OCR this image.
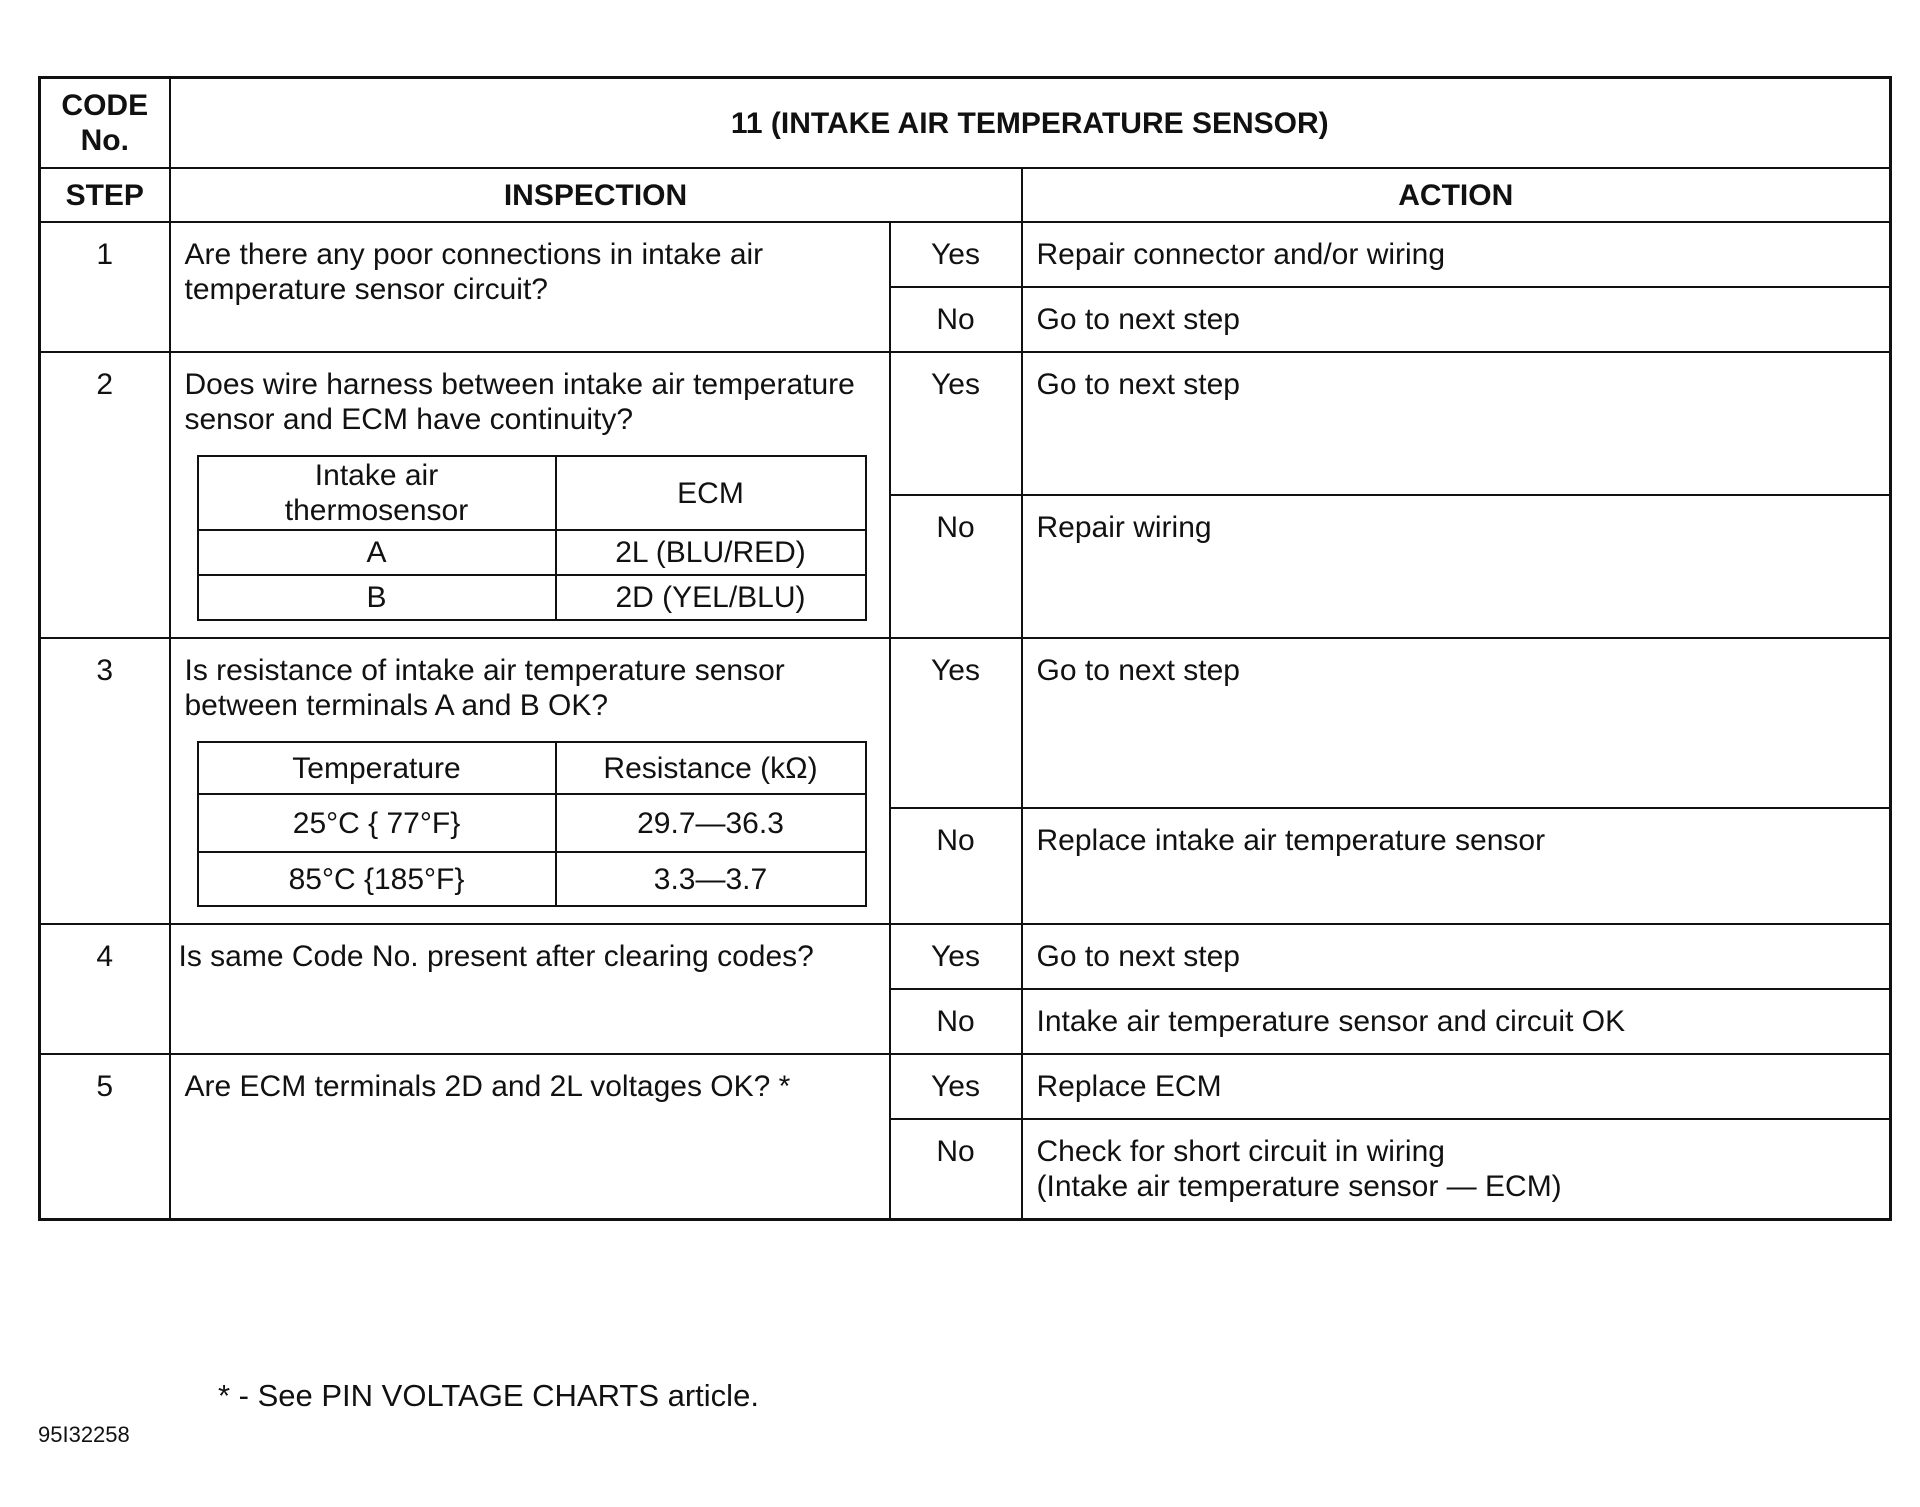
CODE No.	11 (INTAKE AIR TEMPERATURE SENSOR)
STEP	INSPECTION	ACTION
1	Are there any poor connections in intake air temperature sensor circuit?	Yes	Repair connector and/or wiring
No	Go to next step
2	Does wire harness between intake air temperature sensor and ECM have continuity?
Intake air thermosensor	ECM
A	2L (BLU/RED)
B	2D (YEL/BLU)
	Yes	Go to next step
No	Repair wiring
3	Is resistance of intake air temperature sensor between terminals A and B OK?
Temperature	Resistance (kΩ)
25°C { 77°F}	29.7—36.3
85°C {185°F}	3.3—3.7
	Yes	Go to next step
No	Replace intake air temperature sensor
4	Is same Code No. present after clearing codes?	Yes	Go to next step
No	Intake air temperature sensor and circuit OK
5	Are ECM terminals 2D and 2L voltages OK? *	Yes	Replace ECM
No	Check for short circuit in wiring
(Intake air temperature sensor — ECM)
* - See PIN VOLTAGE CHARTS article.
95I32258
